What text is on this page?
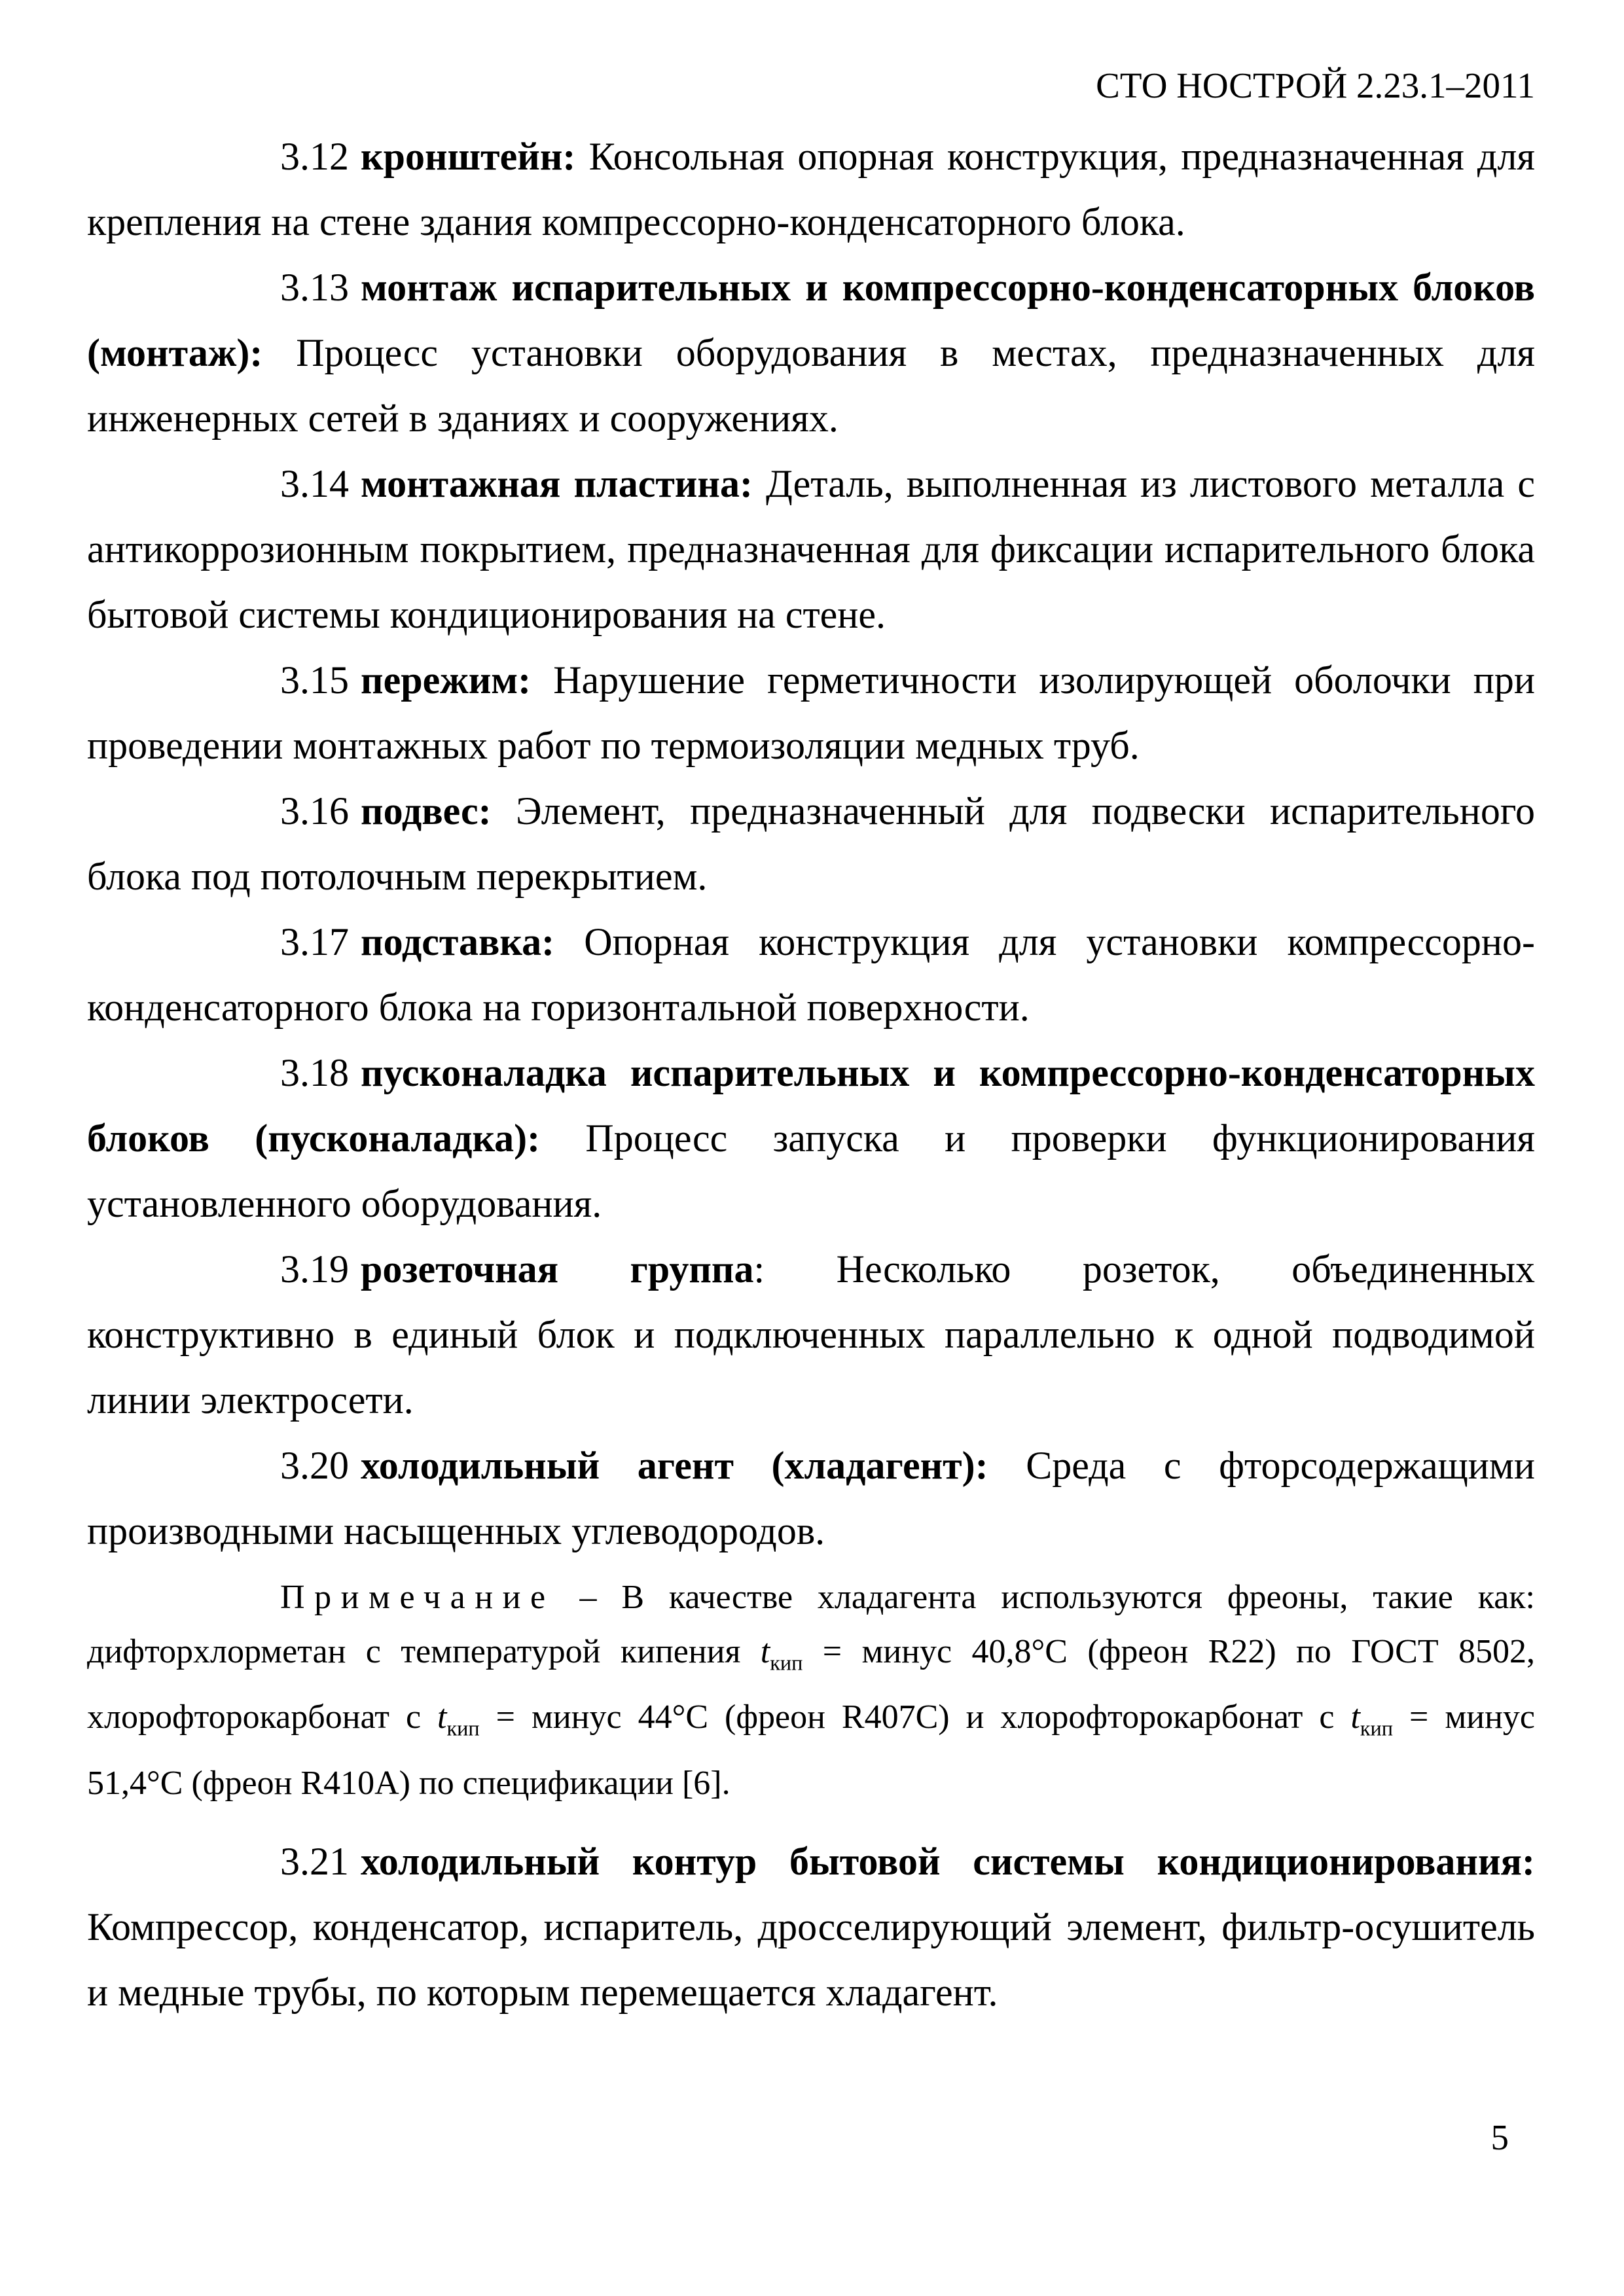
СТО НОСТРОЙ 2.23.1–2011

3.12 кронштейн: Консольная опорная конструкция, предназначенная для крепления на стене здания компрессорно-конденсаторного блока.

3.13 монтаж испарительных и компрессорно-конденсаторных блоков (монтаж): Процесс установки оборудования в местах, предназначенных для инженерных сетей в зданиях и сооружениях.

3.14 монтажная пластина: Деталь, выполненная из листового металла с антикоррозионным покрытием, предназначенная для фиксации испарительного блока бытовой системы кондиционирования на стене.

3.15 пережим: Нарушение герметичности изолирующей оболочки при проведении монтажных работ по термоизоляции медных труб.

3.16 подвес: Элемент, предназначенный для подвески испарительного блока под потолочным перекрытием.

3.17 подставка: Опорная конструкция для установки компрессорно-конденсаторного блока на горизонтальной поверхности.

3.18 пусконаладка испарительных и компрессорно-конденсаторных блоков (пусконаладка): Процесс запуска и проверки функционирования установленного оборудования.

3.19 розеточная группа: Несколько розеток, объединенных конструктивно в единый блок и подключенных параллельно к одной подводимой линии электросети.

3.20 холодильный агент (хладагент): Среда с фторсодержащими производными насыщенных углеводородов.

Примечание – В качестве хладагента используются фреоны, такие как: дифторхлорметан с температурой кипения $t_{кип}$ = минус 40,8°С (фреон R22) по ГОСТ 8502, хлорофторокарбонат с $t_{кип}$ = минус 44°С (фреон R407C) и хлорофторокарбонат с $t_{кип}$ = минус 51,4°С (фреон R410A) по спецификации [6].

3.21 холодильный контур бытовой системы кондиционирования: Компрессор, конденсатор, испаритель, дросселирующий элемент, фильтр-осушитель и медные трубы, по которым перемещается хладагент.

5
